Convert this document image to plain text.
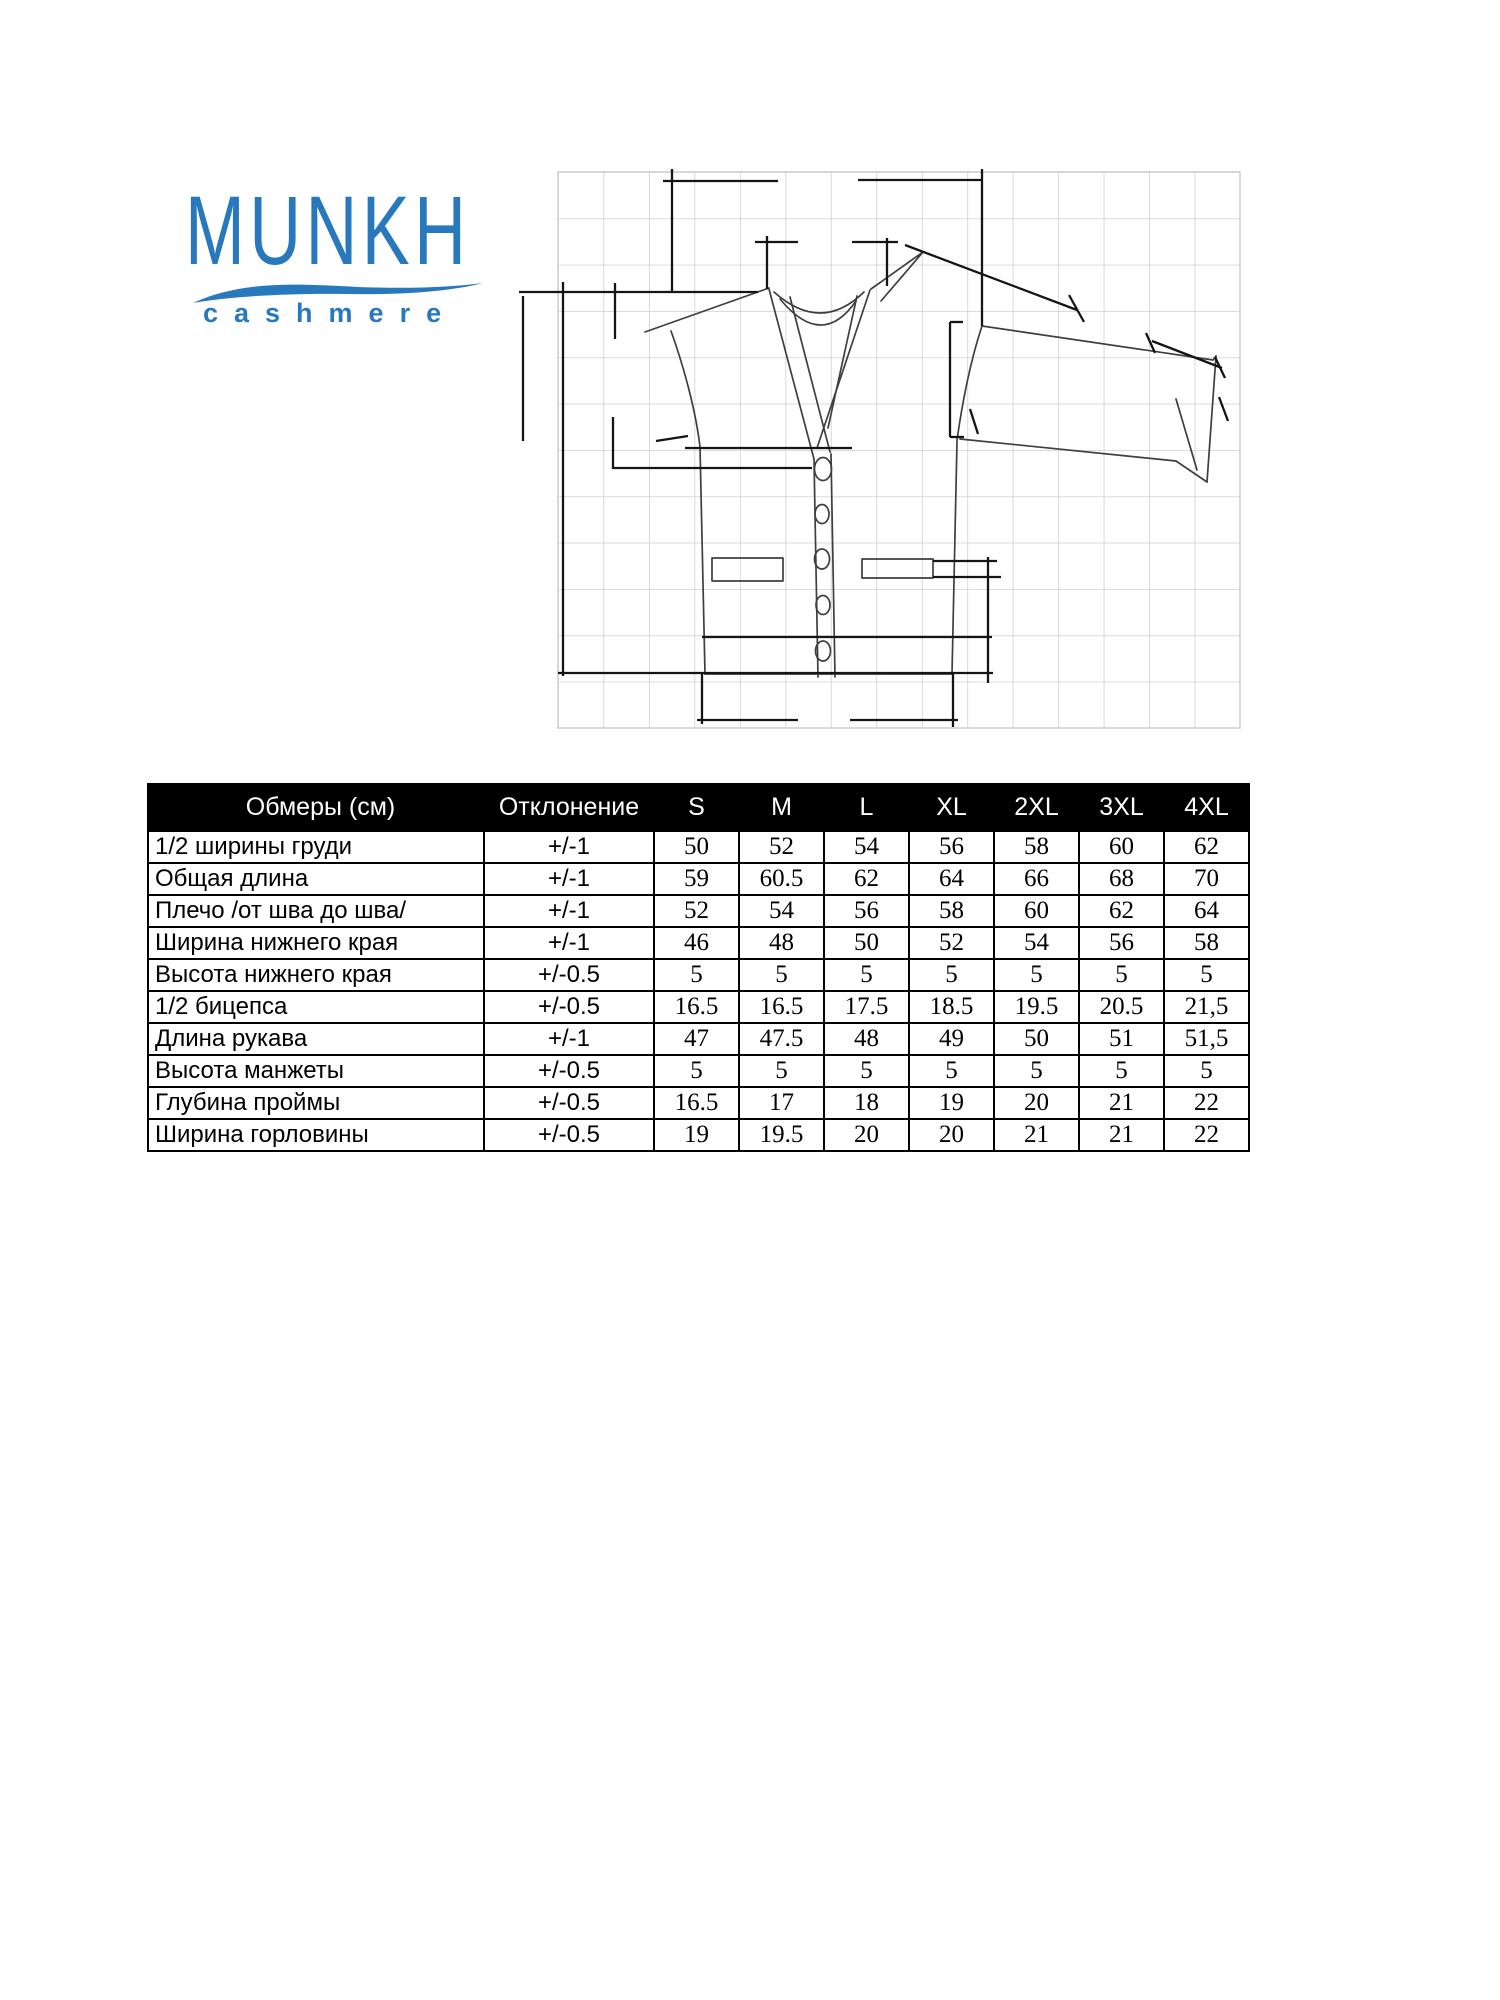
MUNKH
cashmere
Обмеры (см)	Отклонение	S	M	L	XL	2XL	3XL	4XL
1/2 ширины груди	+/-1	50	52	54	56	58	60	62
Общая длина	+/-1	59	60.5	62	64	66	68	70
Плечо /от шва до шва/	+/-1	52	54	56	58	60	62	64
Ширина нижнего края	+/-1	46	48	50	52	54	56	58
Высота нижнего края	+/-0.5	5	5	5	5	5	5	5
1/2 бицепса	+/-0.5	16.5	16.5	17.5	18.5	19.5	20.5	21,5
Длина рукава	+/-1	47	47.5	48	49	50	51	51,5
Высота манжеты	+/-0.5	5	5	5	5	5	5	5
Глубина проймы	+/-0.5	16.5	17	18	19	20	21	22
Ширина горловины	+/-0.5	19	19.5	20	20	21	21	22
